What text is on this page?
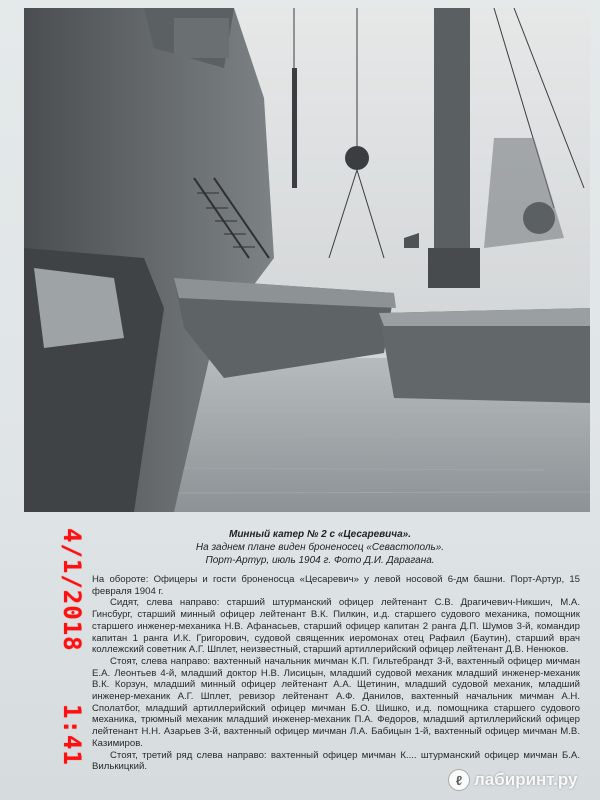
Минный катер № 2 с «Цесаревича».
На заднем плане виден броненосец «Севастополь».
Порт-Артур, июль 1904 г. Фото Д.И. Дарагана.

На обороте: Офицеры и гости броненосца «Цесаревич» у левой носовой 6-дм башни. Порт-Артур, 15 февраля 1904 г.

Сидят, слева направо: старший штурманский офицер лейтенант С.В. Драгичевич-Никшич, М.А. Гинсбург, старший минный офицер лейтенант В.К. Пилкин, и.д. старшего судового механика, помощник старшего инженер-механика Н.В. Афанасьев, старший офицер капитан 2 ранга Д.П. Шумов 3-й, командир капитан 1 ранга И.К. Григорович, судовой священник иеромонах отец Рафаил (Баутин), старший врач коллежский советник А.Г. Шплет, неизвестный, старший артиллерийский офицер лейтенант Д.В. Ненюков.

Стоят, слева направо: вахтенный начальник мичман К.П. Гильтебрандт 3-й, вахтенный офицер мичман Е.А. Леонтьев 4-й, младший доктор Н.В. Лисицын, младший судовой механик младший инженер-механик В.К. Корзун, младший минный офицер лейтенант А.А. Щетинин, младший судовой механик, младший инженер-механик А.Г. Шплет, ревизор лейтенант А.Ф. Данилов, вахтенный начальник мичман А.Н. Сполатбог, младший артиллерийский офицер мичман Б.О. Шишко, и.д. помощника старшего судового механика, трюмный механик младший инженер-механик П.А. Федоров, младший артиллерийский офицер лейтенант Н.Н. Азарьев 3-й, вахтенный офицер мичман Л.А. Бабицын 1-й, вахтенный офицер мичман М.В. Казимиров.

Стоят, третий ряд слева направо: вахтенный офицер мичман К.... штурманский офицер мичман Б.А. Вилькицкий.

4/1/2018
1:41
ℓ лабиринт.ру
